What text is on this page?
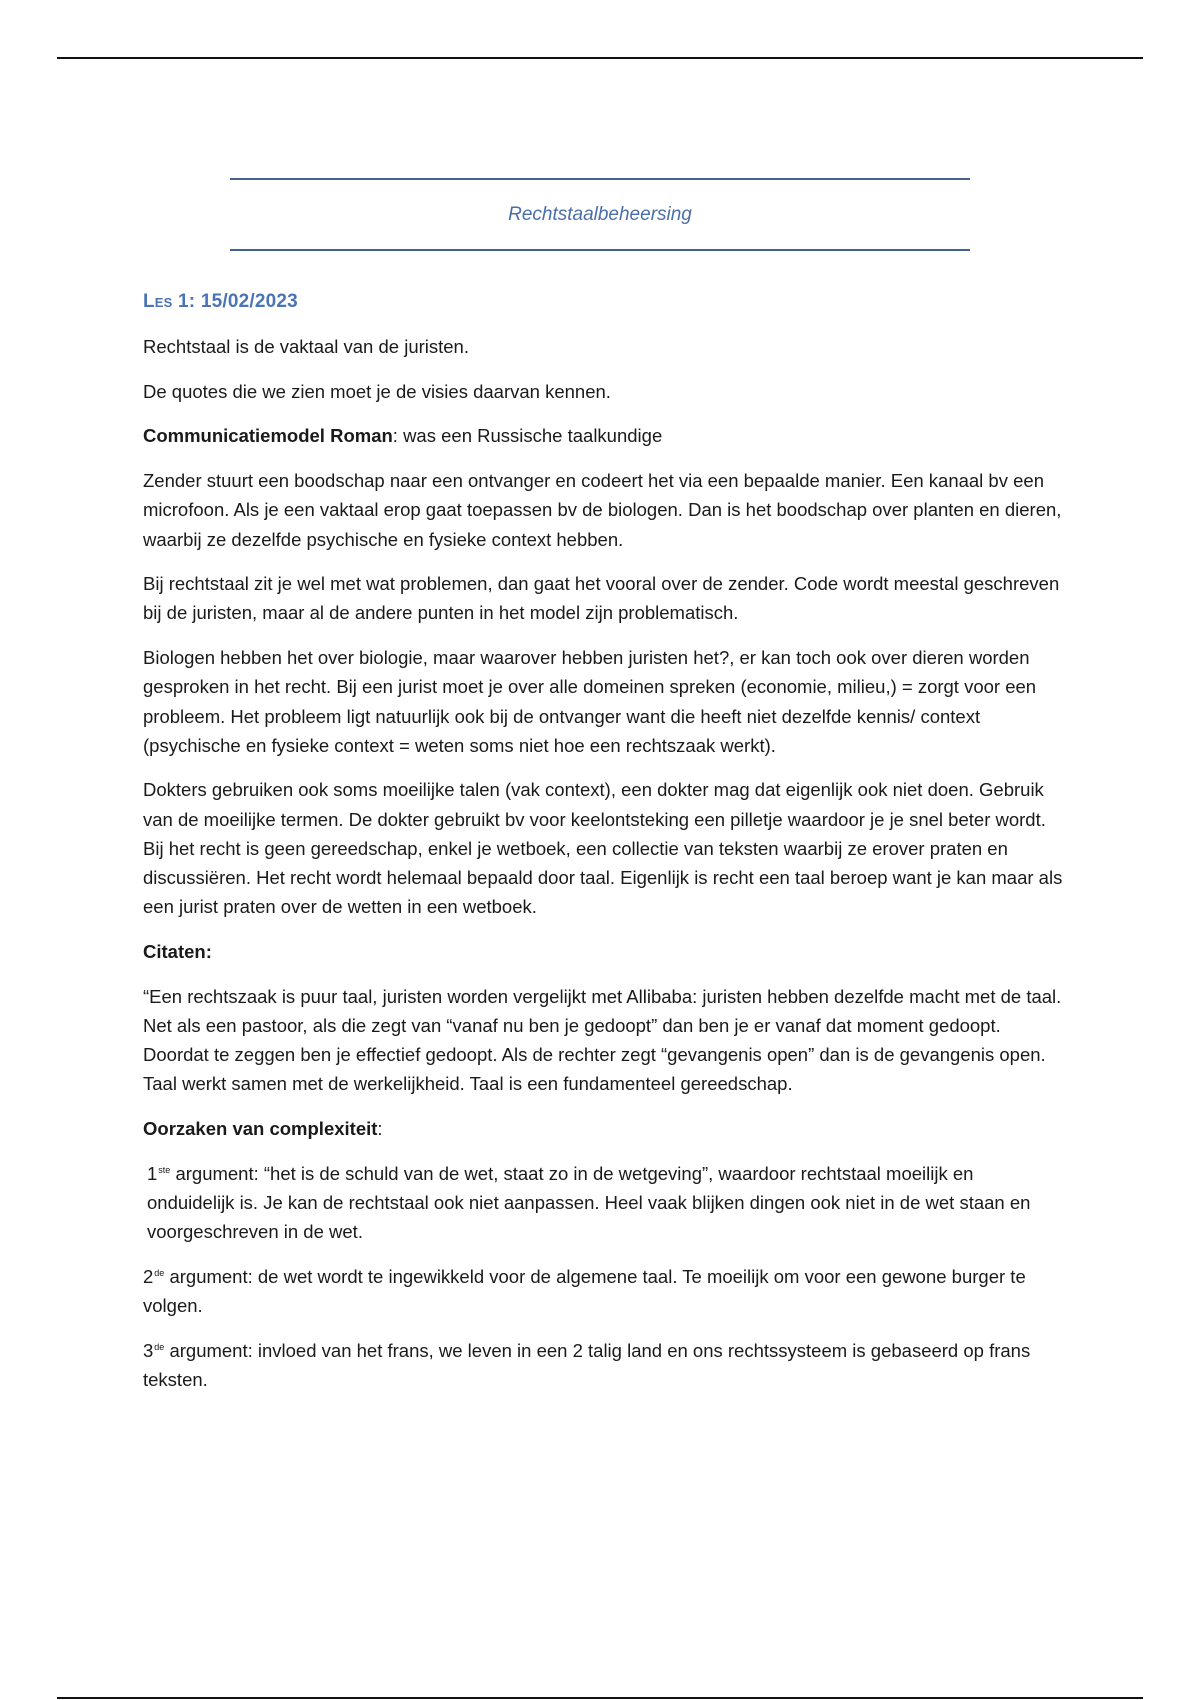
Rechtstaalbeheersing
Les 1: 15/02/2023

Rechtstaal is de vaktaal van de juristen.

De quotes die we zien moet je de visies daarvan kennen.

Communicatiemodel Roman: was een Russische taalkundige

Zender stuurt een boodschap naar een ontvanger en codeert het via een bepaalde manier. Een kanaal bv een microfoon. Als je een vaktaal erop gaat toepassen bv de biologen. Dan is het boodschap over planten en dieren, waarbij ze dezelfde psychische en fysieke context hebben.

Bij rechtstaal zit je wel met wat problemen, dan gaat het vooral over de zender. Code wordt meestal geschreven bij de juristen, maar al de andere punten in het model zijn problematisch.

Biologen hebben het over biologie, maar waarover hebben juristen het?, er kan toch ook over dieren worden gesproken in het recht. Bij een jurist moet je over alle domeinen spreken (economie, milieu,) = zorgt voor een probleem. Het probleem ligt natuurlijk ook bij de ontvanger want die heeft niet dezelfde kennis/ context (psychische en fysieke context = weten soms niet hoe een rechtszaak werkt).

Dokters gebruiken ook soms moeilijke talen (vak context), een dokter mag dat eigenlijk ook niet doen. Gebruik van de moeilijke termen. De dokter gebruikt bv voor keelontsteking een pilletje waardoor je je snel beter wordt. Bij het recht is geen gereedschap, enkel je wetboek, een collectie van teksten waarbij ze erover praten en discussiëren. Het recht wordt helemaal bepaald door taal. Eigenlijk is recht een taal beroep want je kan maar als een jurist praten over de wetten in een wetboek.

Citaten:

“Een rechtszaak is puur taal, juristen worden vergelijkt met Allibaba: juristen hebben dezelfde macht met de taal. Net als een pastoor, als die zegt van “vanaf nu ben je gedoopt” dan ben je er vanaf dat moment gedoopt. Doordat te zeggen ben je effectief gedoopt. Als de rechter zegt “gevangenis open” dan is de gevangenis open. Taal werkt samen met de werkelijkheid. Taal is een fundamenteel gereedschap.

Oorzaken van complexiteit:

1ste argument: “het is de schuld van de wet, staat zo in de wetgeving”, waardoor rechtstaal moeilijk en onduidelijk is. Je kan de rechtstaal ook niet aanpassen. Heel vaak blijken dingen ook niet in de wet staan en voorgeschreven in de wet.

2de argument: de wet wordt te ingewikkeld voor de algemene taal. Te moeilijk om voor een gewone burger te volgen.

3de argument: invloed van het frans, we leven in een 2 talig land en ons rechtssysteem is gebaseerd op frans teksten.
